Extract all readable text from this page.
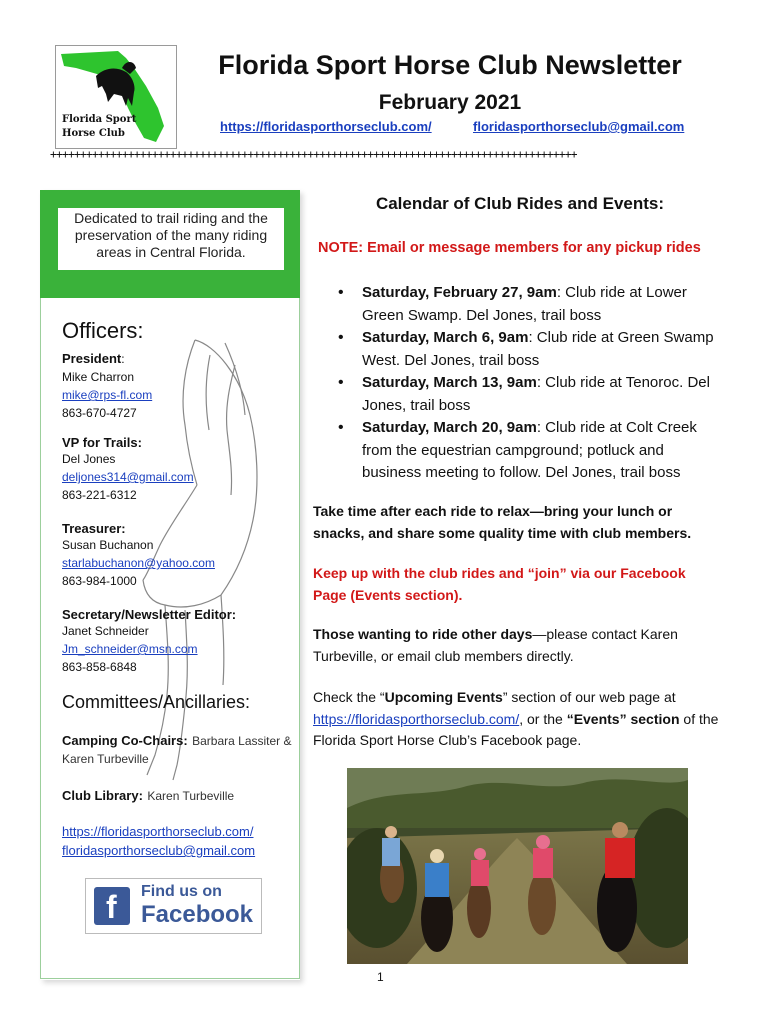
Florida Sport
Horse Club
Florida Sport Horse Club Newsletter
February 2021
https://floridasporthorseclub.com/	floridasporthorseclub@gmail.com
++++++++++++++++++++++++++++++++++++++++++++++++++++++++++++++++++++++++++++++++++++++++
Dedicated to trail riding and the preservation of the many riding areas in Central Florida.
Officers:
President:
Mike Charron
mike@rps-fl.com
863-670-4727
VP for Trails:
Del Jones
deljones314@gmail.com
863-221-6312
Treasurer:
Susan Buchanon
starlabuchanon@yahoo.com
863-984-1000
Secretary/Newsletter Editor:
Janet Schneider
Jm_schneider@msn.com
863-858-6848
Committees/Ancillaries:
Camping Co-Chairs: Barbara Lassiter & Karen Turbeville
Club Library: Karen Turbeville
https://floridasporthorseclub.com/
floridasporthorseclub@gmail.com
f Find us on
Facebook
Calendar of Club Rides and Events:
NOTE: Email or message members for any pickup rides
• Saturday, February 27, 9am: Club ride at Lower Green Swamp. Del Jones, trail boss
• Saturday, March 6, 9am: Club ride at Green Swamp West. Del Jones, trail boss
• Saturday, March 13, 9am: Club ride at Tenoroc. Del Jones, trail boss
• Saturday, March 20, 9am: Club ride at Colt Creek from the equestrian campground; potluck and business meeting to follow. Del Jones, trail boss
Take time after each ride to relax—bring your lunch or snacks, and share some quality time with club members.
Keep up with the club rides and “join” via our Facebook Page (Events section).
Those wanting to ride other days—please contact Karen Turbeville, or email club members directly.
Check the “Upcoming Events” section of our web page at https://floridasporthorseclub.com/, or the “Events” section of the Florida Sport Horse Club’s Facebook page.
1
